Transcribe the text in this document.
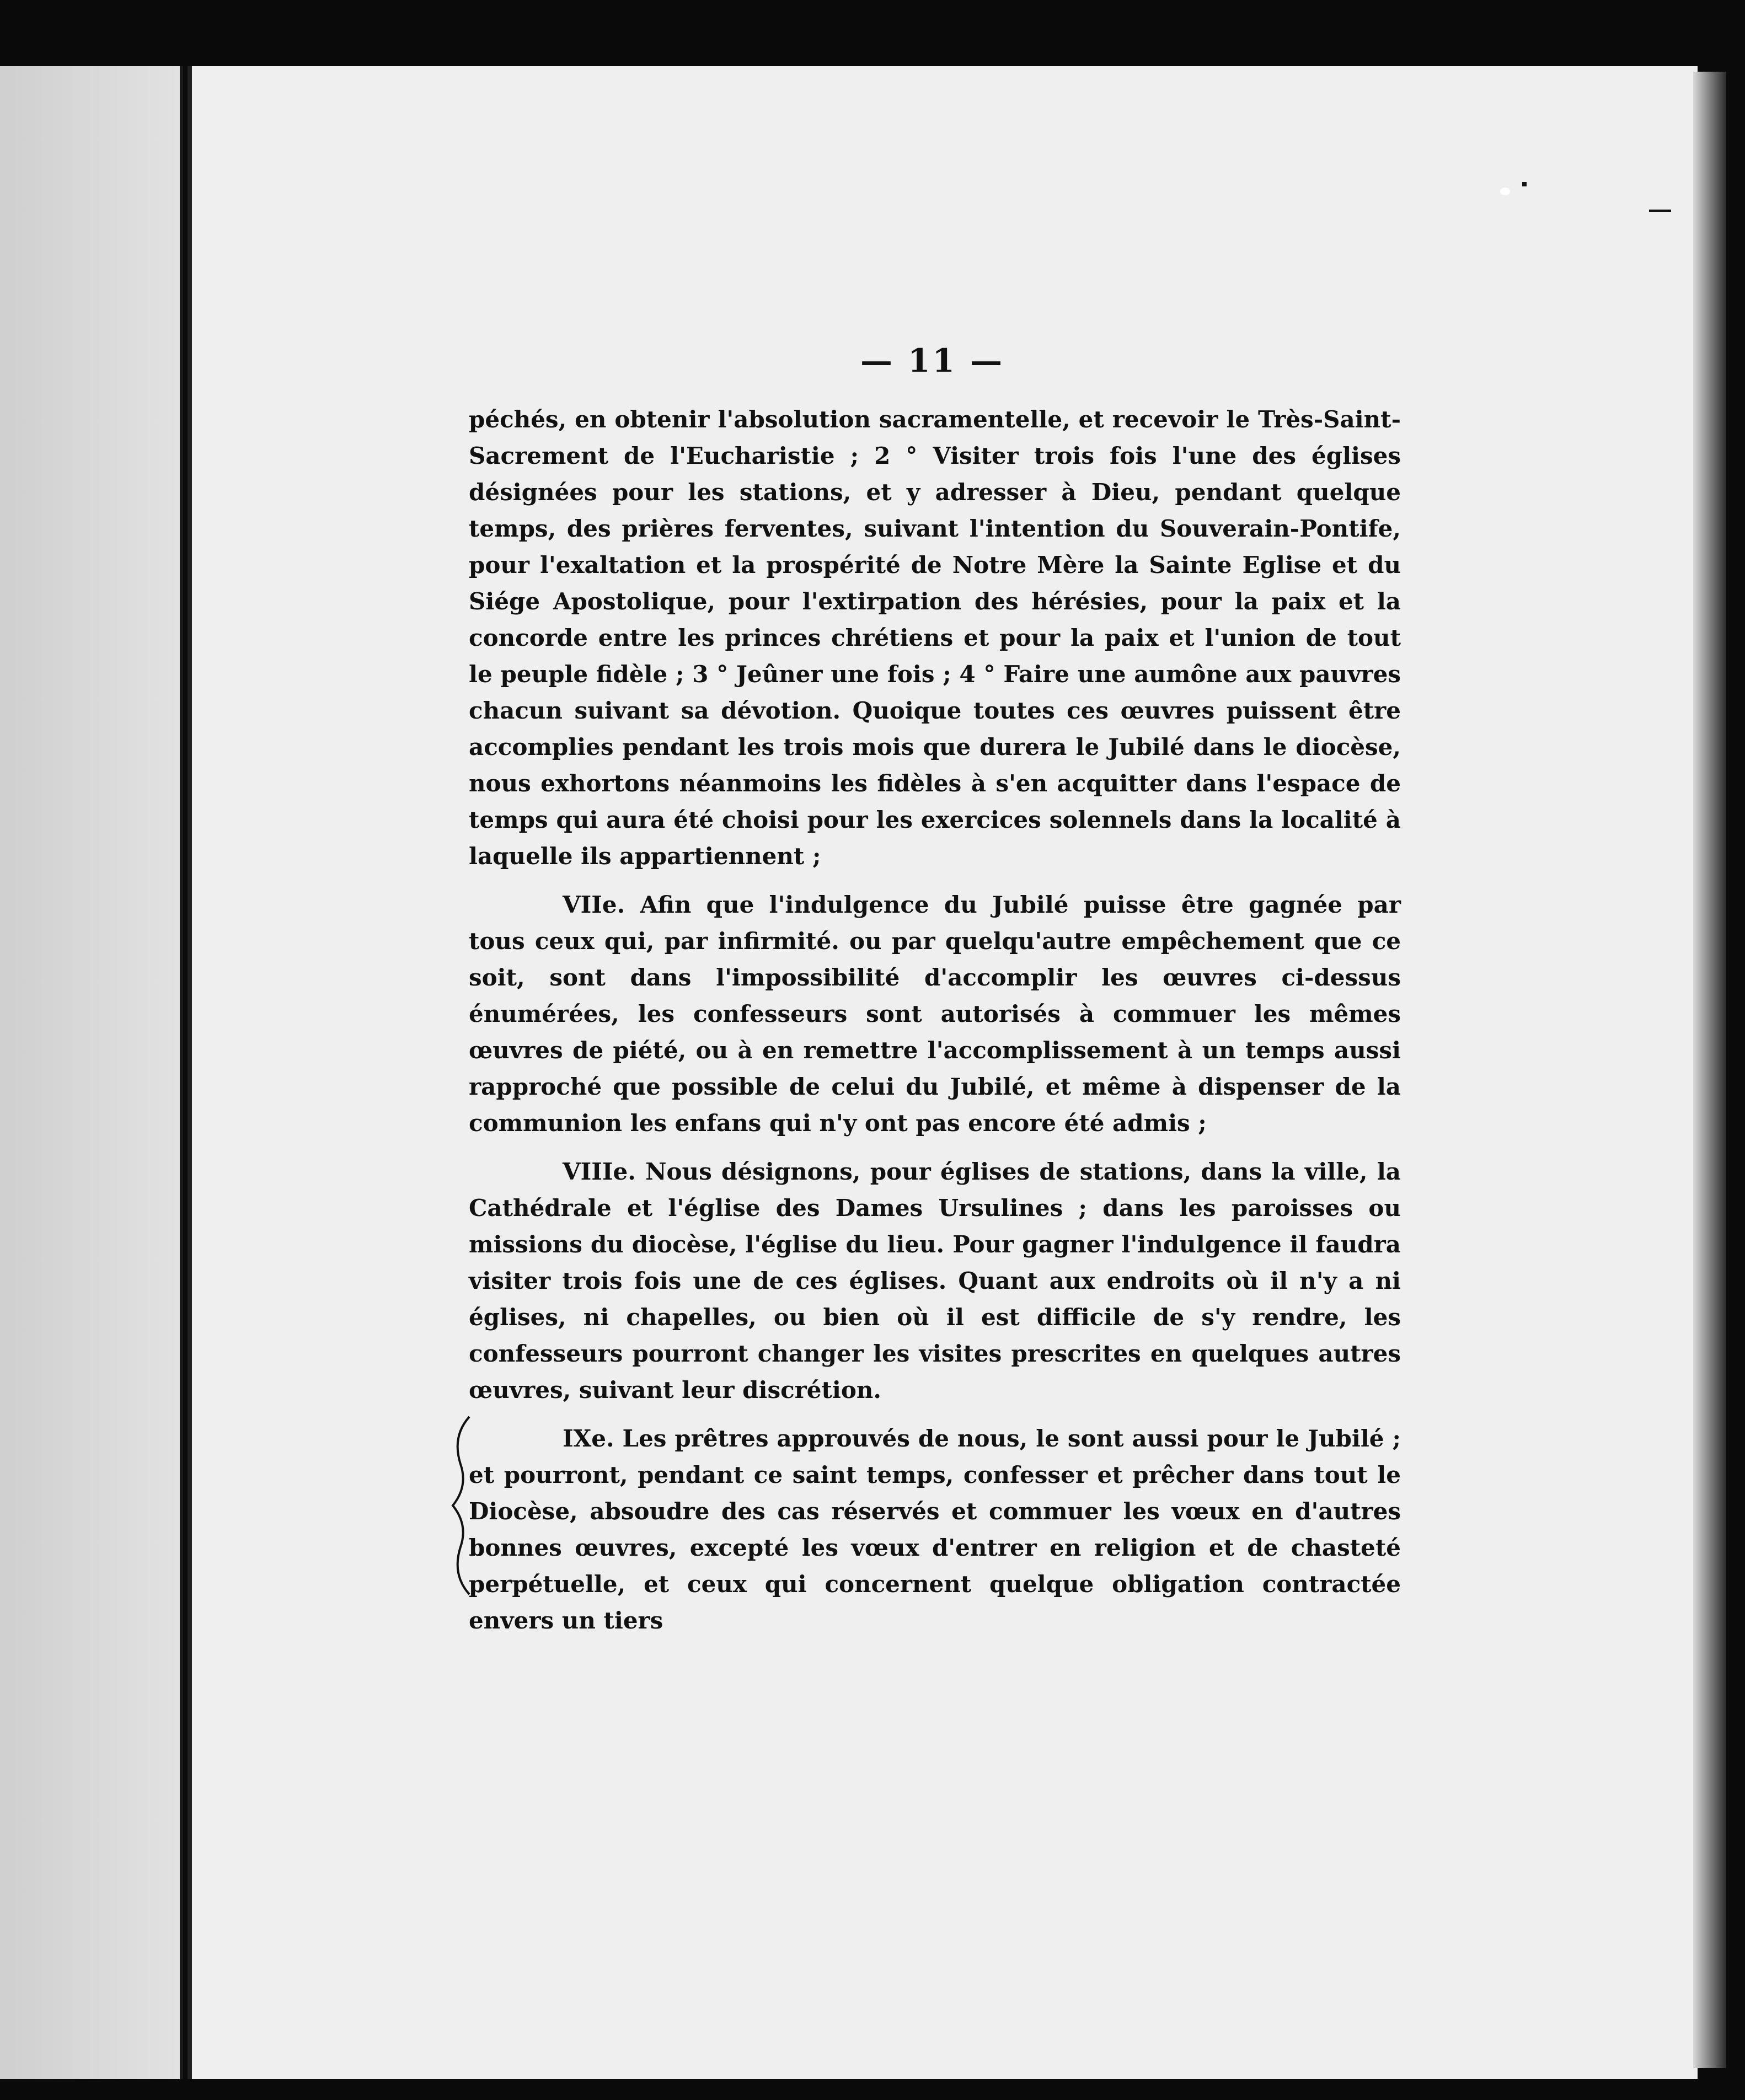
— 11 —

péchés, en obtenir l'absolution sacramentelle, et recevoir le Très-Saint-Sacrement de l'Eucharistie ; 2 ° Visiter trois fois l'une des églises désignées pour les stations, et y adresser à Dieu, pendant quelque temps, des prières ferventes, suivant l'intention du Souverain-Pontife, pour l'exaltation et la prospérité de Notre Mère la Sainte Eglise et du Siége Apostolique, pour l'extirpation des hérésies, pour la paix et la concorde entre les princes chrétiens et pour la paix et l'union de tout le peuple fidèle ; 3 ° Jeûner une fois ; 4 ° Faire une aumône aux pauvres chacun suivant sa dévotion. Quoique toutes ces œuvres puissent être accomplies pendant les trois mois que durera le Jubilé dans le diocèse, nous exhortons néanmoins les fidèles à s'en acquitter dans l'espace de temps qui aura été choisi pour les exercices solennels dans la localité à laquelle ils appartiennent ;

VIIe. Afin que l'indulgence du Jubilé puisse être gagnée par tous ceux qui, par infirmité. ou par quelqu'autre empêchement que ce soit, sont dans l'impossibilité d'accomplir les œuvres ci-dessus énumérées, les confesseurs sont autorisés à commuer les mêmes œuvres de piété, ou à en remettre l'accomplissement à un temps aussi rapproché que possible de celui du Jubilé, et même à dispenser de la communion les enfans qui n'y ont pas encore été admis ;

VIIIe. Nous désignons, pour églises de stations, dans la ville, la Cathédrale et l'église des Dames Ursulines ; dans les paroisses ou missions du diocèse, l'église du lieu. Pour gagner l'indulgence il faudra visiter trois fois une de ces églises. Quant aux endroits où il n'y a ni églises, ni chapelles, ou bien où il est difficile de s'y rendre, les confesseurs pourront changer les visites prescrites en quelques autres œuvres, suivant leur discrétion.

IXe. Les prêtres approuvés de nous, le sont aussi pour le Jubilé ; et pourront, pendant ce saint temps, confesser et prêcher dans tout le Diocèse, absoudre des cas réservés et commuer les vœux en d'autres bonnes œuvres, excepté les vœux d'entrer en religion et de chasteté perpétuelle, et ceux qui concernent quelque obligation contractée envers un tiers
